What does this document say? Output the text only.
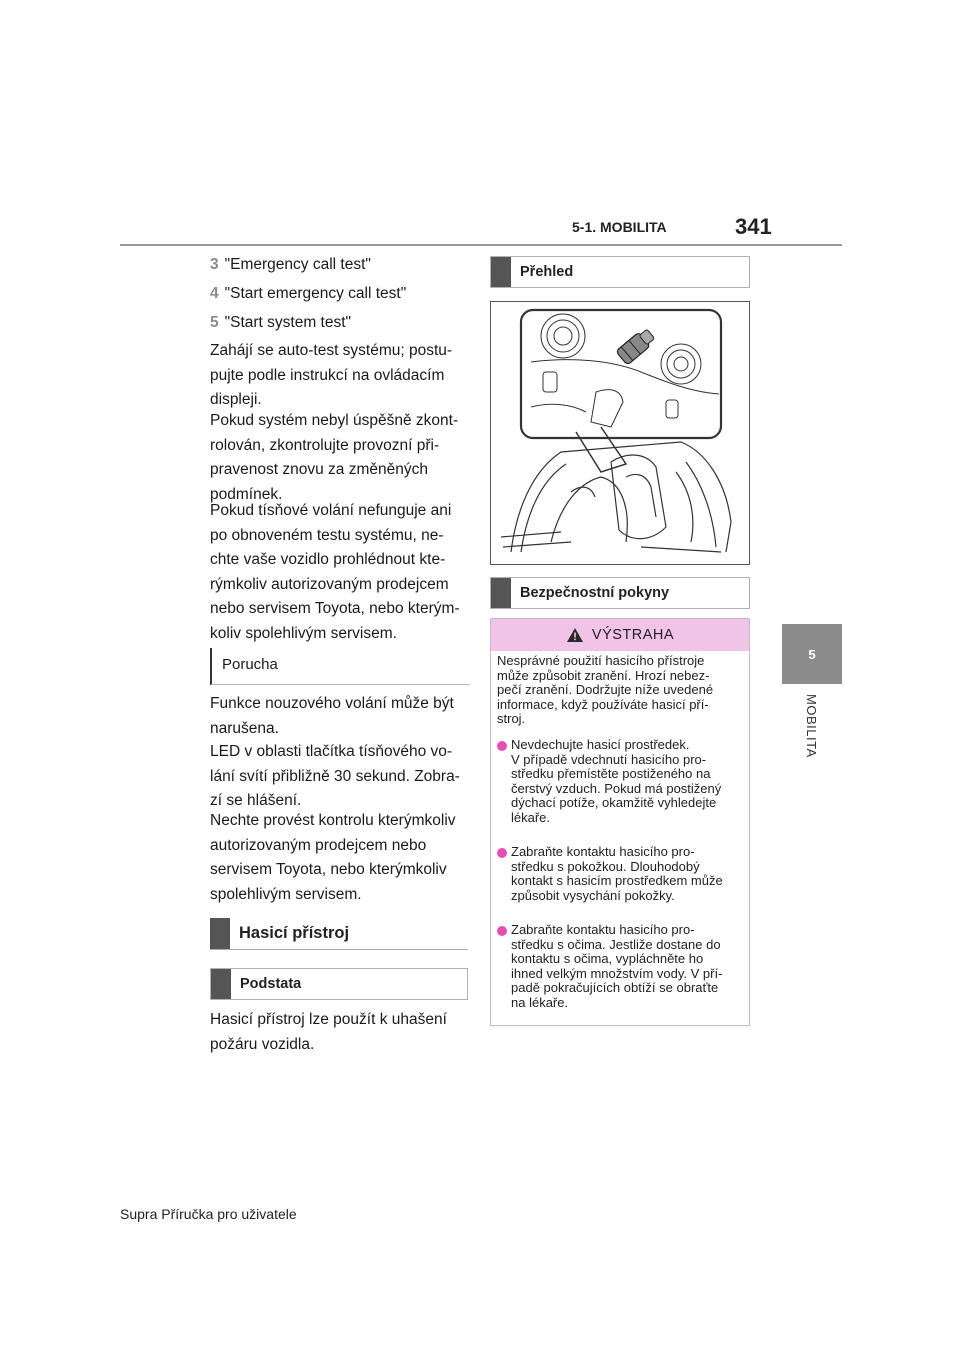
5-1. MOBILITA	341
5
MOBILITA
3 "Emergency call test"
4 "Start emergency call test"
5 "Start system test"
Zahájí se auto-test systému; postu-
pujte podle instrukcí na ovládacím
displeji.
Pokud systém nebyl úspěšně zkont-
rolován, zkontrolujte provozní při-
pravenost znovu za změněných
podmínek.
Pokud tísňové volání nefunguje ani
po obnoveném testu systému, ne-
chte vaše vozidlo prohlédnout kte-
rýmkoliv autorizovaným prodejcem
nebo servisem Toyota, nebo kterým-
koliv spolehlivým servisem.
Porucha
Funkce nouzového volání může být
narušena.
LED v oblasti tlačítka tísňového vo-
lání svítí přibližně 30 sekund. Zobra-
zí se hlášení.
Nechte provést kontrolu kterýmkoliv
autorizovaným prodejcem nebo
servisem Toyota, nebo kterýmkoliv
spolehlivým servisem.
Hasicí přístroj
Podstata
Hasicí přístroj lze použít k uhašení
požáru vozidla.
Přehled
Bezpečnostní pokyny
VÝSTRAHA
Nesprávné použití hasicího přístroje
může způsobit zranění. Hrozí nebez-
pečí zranění. Dodržujte níže uvedené
informace, když používáte hasicí pří-
stroj.
Nevdechujte hasicí prostředek.
V případě vdechnutí hasicího pro-
středku přemístěte postiženého na
čerstvý vzduch. Pokud má postižený
dýchací potíže, okamžitě vyhledejte
lékaře.
Zabraňte kontaktu hasicího pro-
středku s pokožkou. Dlouhodobý
kontakt s hasicím prostředkem může
způsobit vysychání pokožky.
Zabraňte kontaktu hasicího pro-
středku s očima. Jestliže dostane do
kontaktu s očima, vypláchněte ho
ihned velkým množstvím vody. V pří-
padě pokračujících obtíží se obraťte
na lékaře.
Supra Příručka pro uživatele
